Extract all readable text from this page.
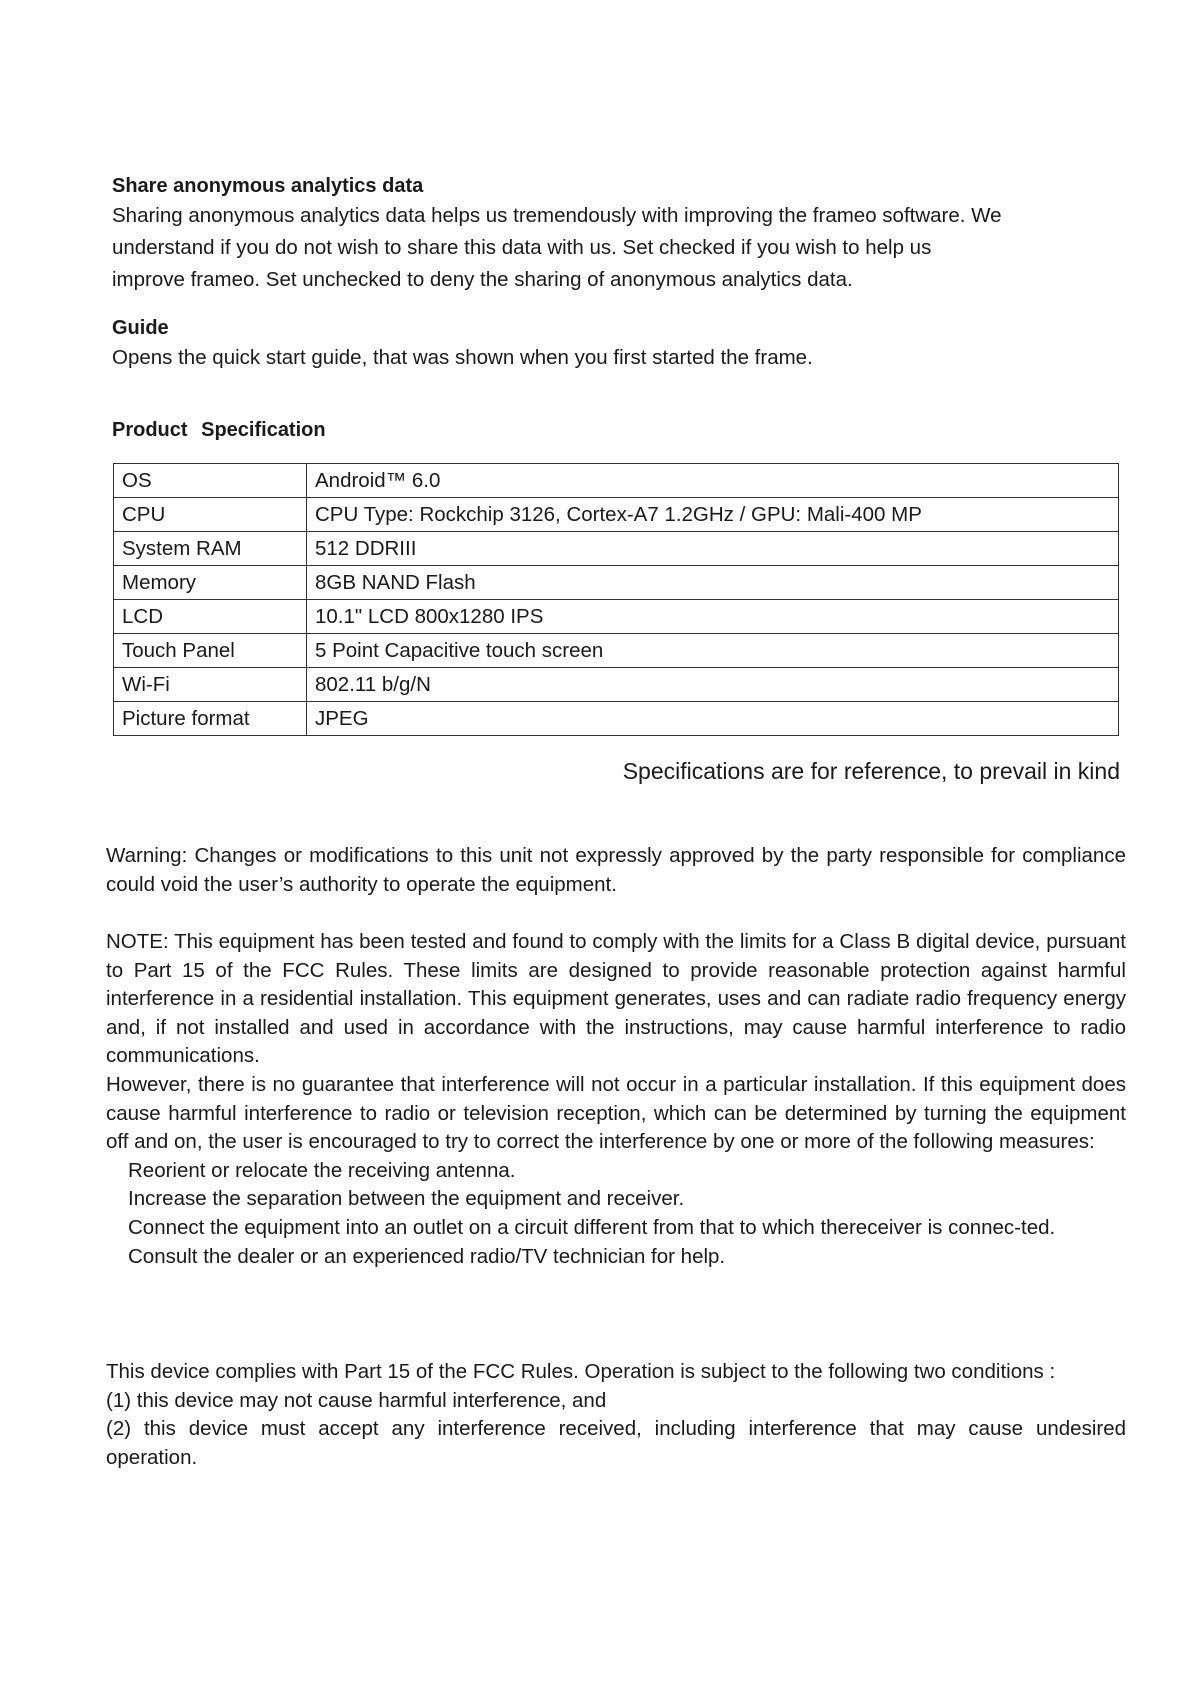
Share anonymous analytics data
Sharing anonymous analytics data helps us tremendously with improving the frameo software. We
understand if you do not wish to share this data with us. Set checked if you wish to help us
improve frameo. Set unchecked to deny the sharing of anonymous analytics data.
Guide
Opens the quick start guide, that was shown when you first started the frame.
Product Specification
OS	Android™ 6.0
CPU	CPU Type: Rockchip 3126, Cortex-A7 1.2GHz / GPU: Mali-400 MP
System RAM	512 DDRIII
Memory	8GB NAND Flash
LCD	10.1" LCD 800x1280 IPS
Touch Panel	5 Point Capacitive touch screen
Wi-Fi	802.11 b/g/N
Picture format	JPEG
Specifications are for reference, to prevail in kind

Warning: Changes or modifications to this unit not expressly approved by the party responsible for compliance could void the user’s authority to operate the equipment.

NOTE: This equipment has been tested and found to comply with the limits for a Class B digital device, pursuant to Part 15 of the FCC Rules. These limits are designed to provide reasonable protection against harmful interference in a residential installation. This equipment generates, uses and can radiate radio frequency energy and, if not installed and used in accordance with the instructions, may cause harmful interference to radio communications.

However, there is no guarantee that interference will not occur in a particular installation. If this equipment does cause harmful interference to radio or television reception, which can be determined by turning the equipment off and on, the user is encouraged to try to correct the interference by one or more of the following measures:

Reorient or relocate the receiving antenna.

Increase the separation between the equipment and receiver.

Connect the equipment into an outlet on a circuit different from that to which thereceiver is connec-ted.

Consult the dealer or an experienced radio/TV technician for help.

This device complies with Part 15 of the FCC Rules. Operation is subject to the following two conditions :

(1) this device may not cause harmful interference, and

(2) this device must accept any interference received, including interference that may cause undesired operation.
